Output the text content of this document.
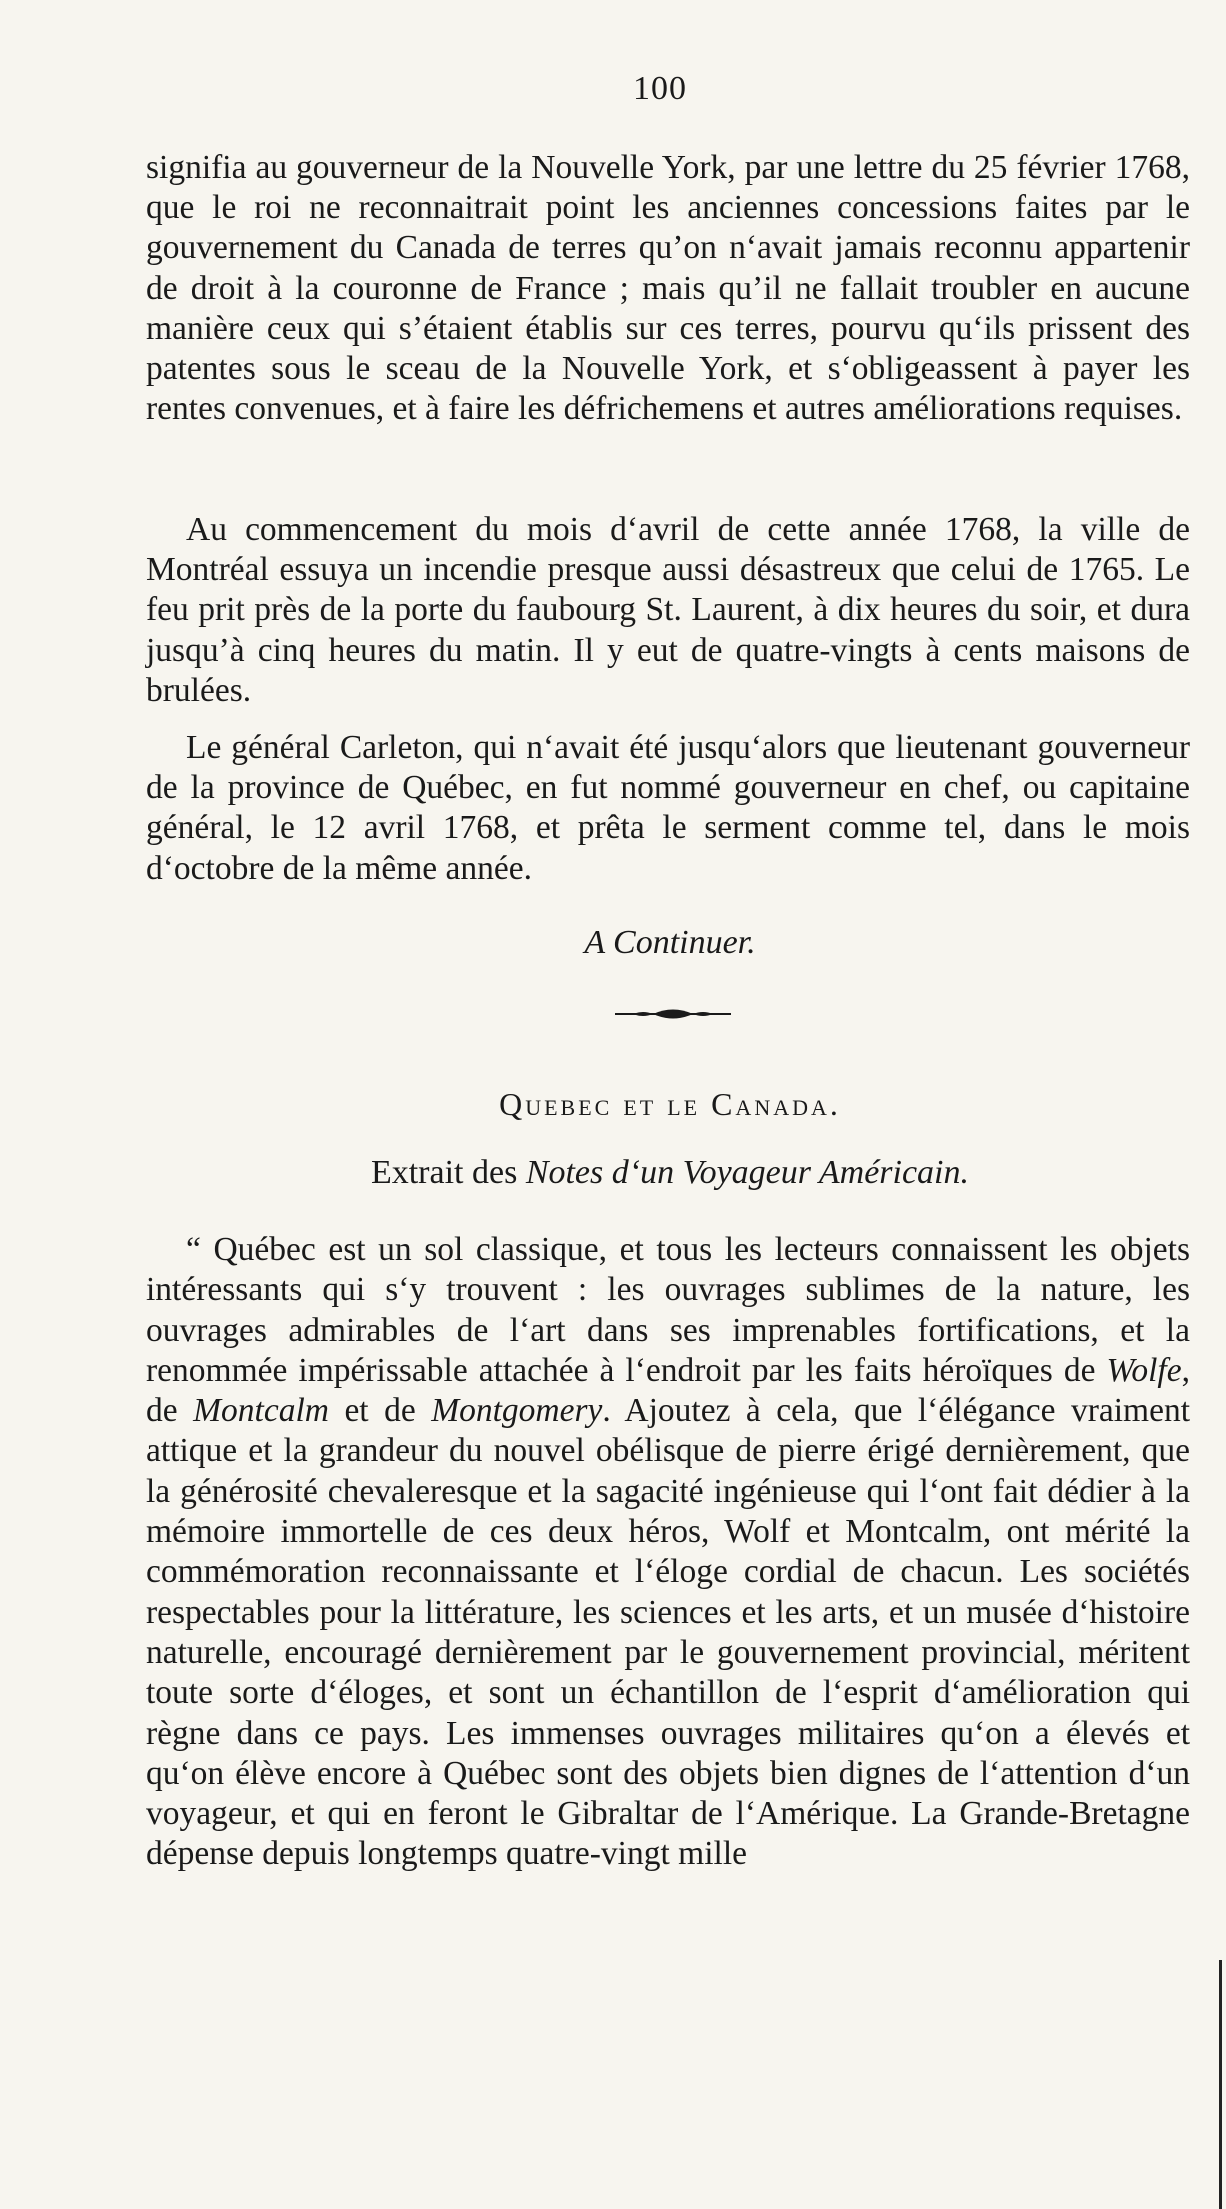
100

signifia au gouverneur de la Nouvelle York, par une lettre du 25 février 1768, que le roi ne reconnaitrait point les anciennes concessions faites par le gouvernement du Canada de terres qu’on n‘avait jamais reconnu appartenir de droit à la couronne de France ; mais qu’il ne fallait troubler en aucune manière ceux qui s’étaient établis sur ces terres, pourvu qu‘ils prissent des patentes sous le sceau de la Nouvelle York, et s‘obligeassent à payer les rentes convenues, et à faire les défrichemens et autres améliorations requises.

Au commencement du mois d‘avril de cette année 1768, la ville de Montréal essuya un incendie presque aussi désastreux que celui de 1765. Le feu prit près de la porte du faubourg St. Laurent, à dix heures du soir, et dura jusqu’à cinq heures du matin. Il y eut de quatre-vingts à cents maisons de brulées.

Le général Carleton, qui n‘avait été jusqu‘alors que lieutenant gouverneur de la province de Québec, en fut nommé gouverneur en chef, ou capitaine général, le 12 avril 1768, et prêta le serment comme tel, dans le mois d‘octobre de la même année.

A Continuer.
Quebec et le Canada.
Extrait des Notes d‘un Voyageur Américain.

“ Québec est un sol classique, et tous les lecteurs connaissent les objets intéressants qui s‘y trouvent : les ouvrages sublimes de la nature, les ouvrages admirables de l‘art dans ses imprenables fortifications, et la renommée impérissable attachée à l‘endroit par les faits héroïques de Wolfe, de Montcalm et de Montgomery. Ajoutez à cela, que l‘élégance vraiment attique et la grandeur du nouvel obélisque de pierre érigé dernièrement, que la générosité chevaleresque et la sagacité ingénieuse qui l‘ont fait dédier à la mémoire immortelle de ces deux héros, Wolf et Montcalm, ont mérité la commémoration reconnaissante et l‘éloge cordial de chacun. Les sociétés respectables pour la littérature, les sciences et les arts, et un musée d‘histoire naturelle, encouragé dernièrement par le gouvernement provincial, méritent toute sorte d‘éloges, et sont un échantillon de l‘esprit d‘amélioration qui règne dans ce pays. Les immenses ouvrages militaires qu‘on a élevés et qu‘on élève encore à Québec sont des objets bien dignes de l‘attention d‘un voyageur, et qui en feront le Gibraltar de l‘Amérique. La Grande-Bretagne dépense depuis longtemps quatre-vingt mille
